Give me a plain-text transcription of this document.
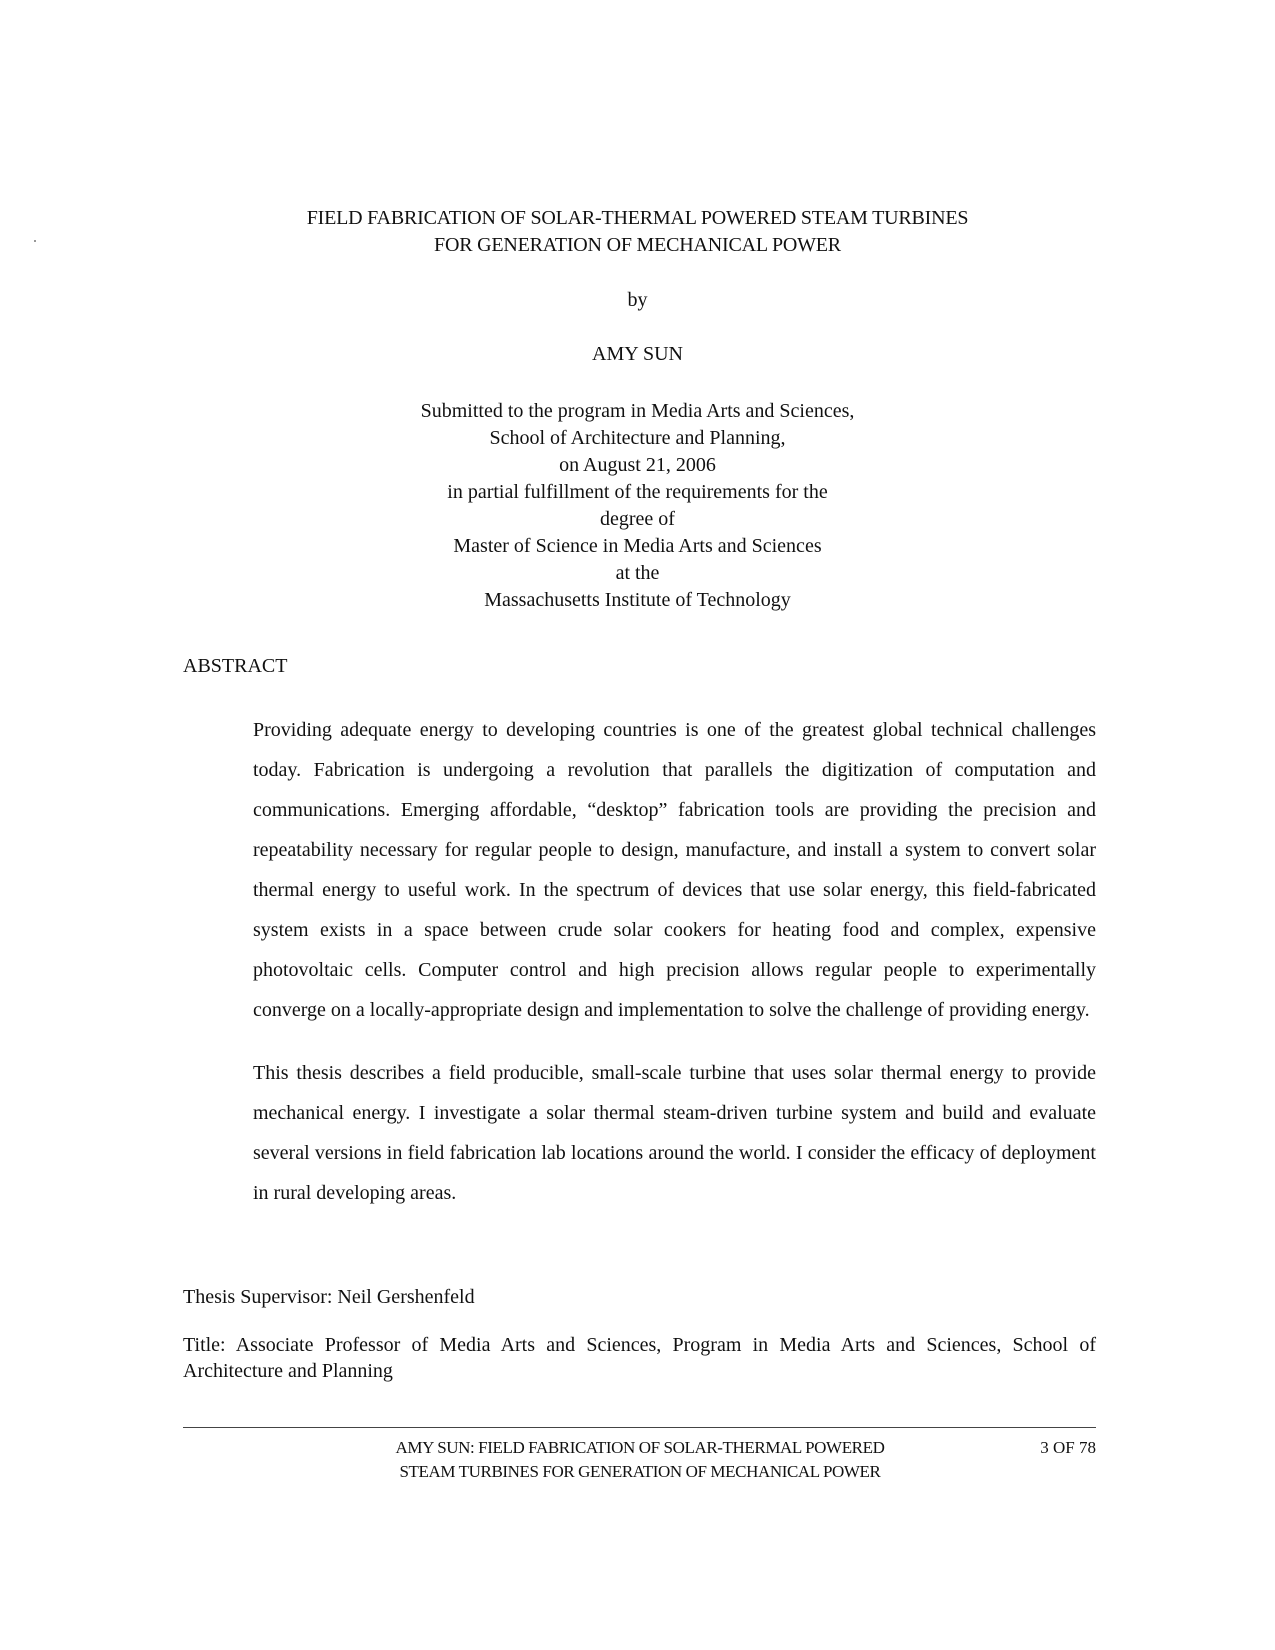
FIELD FABRICATION OF SOLAR-THERMAL POWERED STEAM TURBINES
FOR GENERATION OF MECHANICAL POWER
by
AMY SUN
Submitted to the program in Media Arts and Sciences,
School of Architecture and Planning,
on August 21, 2006
in partial fulfillment of the requirements for the
degree of
Master of Science in Media Arts and Sciences
at the
Massachusetts Institute of Technology
ABSTRACT

Providing adequate energy to developing countries is one of the greatest global technical challenges today. Fabrication is undergoing a revolution that parallels the digitization of computation and communications. Emerging affordable, “desktop” fabrication tools are providing the precision and repeatability necessary for regular people to design, manufacture, and install a system to convert solar thermal energy to useful work. In the spectrum of devices that use solar energy, this field-fabricated system exists in a space between crude solar cookers for heating food and complex, expensive photovoltaic cells. Computer control and high precision allows regular people to experimentally converge on a locally-appropriate design and implementation to solve the challenge of providing energy.

This thesis describes a field producible, small-scale turbine that uses solar thermal energy to provide mechanical energy. I investigate a solar thermal steam-driven turbine system and build and evaluate several versions in field fabrication lab locations around the world. I consider the efficacy of deployment in rural developing areas.

Thesis Supervisor: Neil Gershenfeld
Title: Associate Professor of Media Arts and Sciences, Program in Media Arts and Sciences, School of Architecture and Planning
AMY SUN: FIELD FABRICATION OF SOLAR-THERMAL POWERED
STEAM TURBINES FOR GENERATION OF MECHANICAL POWER
3 OF 78
